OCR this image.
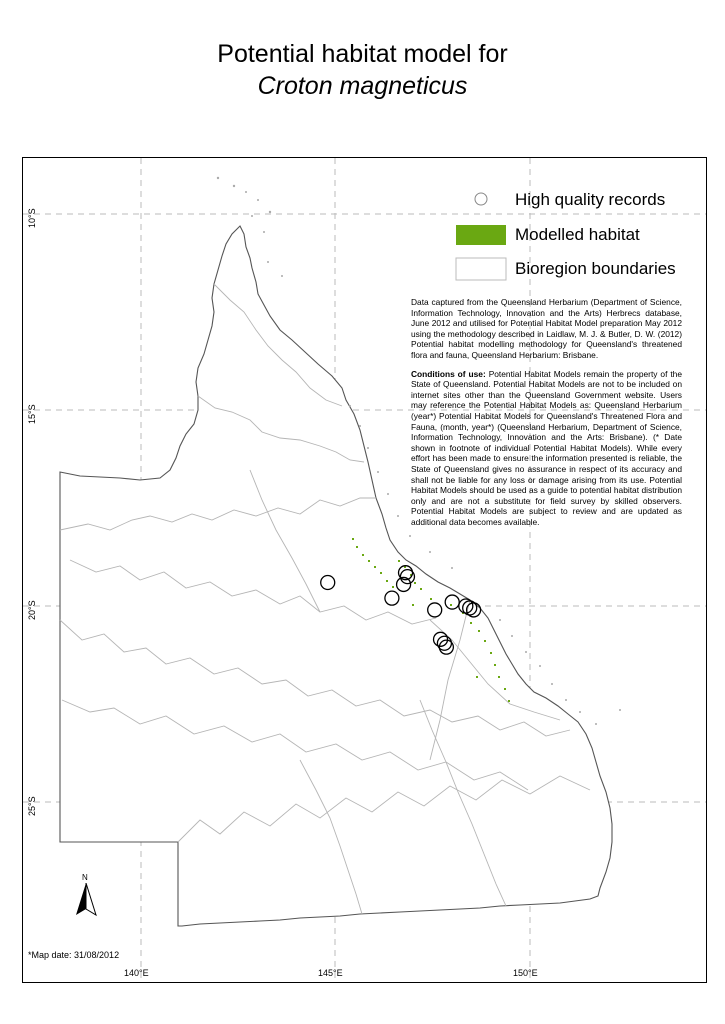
Potential habitat model for
Croton magneticus
High quality records
Modelled habitat
Bioregion boundaries

Data captured from the Queensland Herbarium (Department of Science, Information Technology, Innovation and the Arts) Herbrecs database, June 2012 and utilised for Potential Habitat Model preparation May 2012 using the methodology described in Laidlaw, M. J. & Butler, D. W. (2012) Potential habitat modelling methodology for Queensland's threatened flora and fauna, Queensland Herbarium: Brisbane.

Conditions of use: Potential Habitat Models remain the property of the State of Queensland. Potential Habitat Models are not to be included on internet sites other than the Queensland Government website. Users may reference the Potential Habitat Models as: Queensland Herbarium (year*) Potential Habitat Models for Queensland's Threatened Flora and Fauna, (month, year*) (Queensland Herbarium, Department of Science, Information Technology, Innovation and the Arts: Brisbane). (* Date shown in footnote of individual Potential Habitat Models). While every effort has been made to ensure the information presented is reliable, the State of Queensland gives no assurance in respect of its accuracy and shall not be liable for any loss or damage arising from its use. Potential Habitat Models should be used as a guide to potential habitat distribution only and are not a substitute for field survey by skilled observers. Potential Habitat Models are subject to review and are updated as additional data becomes available.

10°S
15°S
20°S
25°S
140°E	145°E	150°E
*Map date: 31/08/2012
N
